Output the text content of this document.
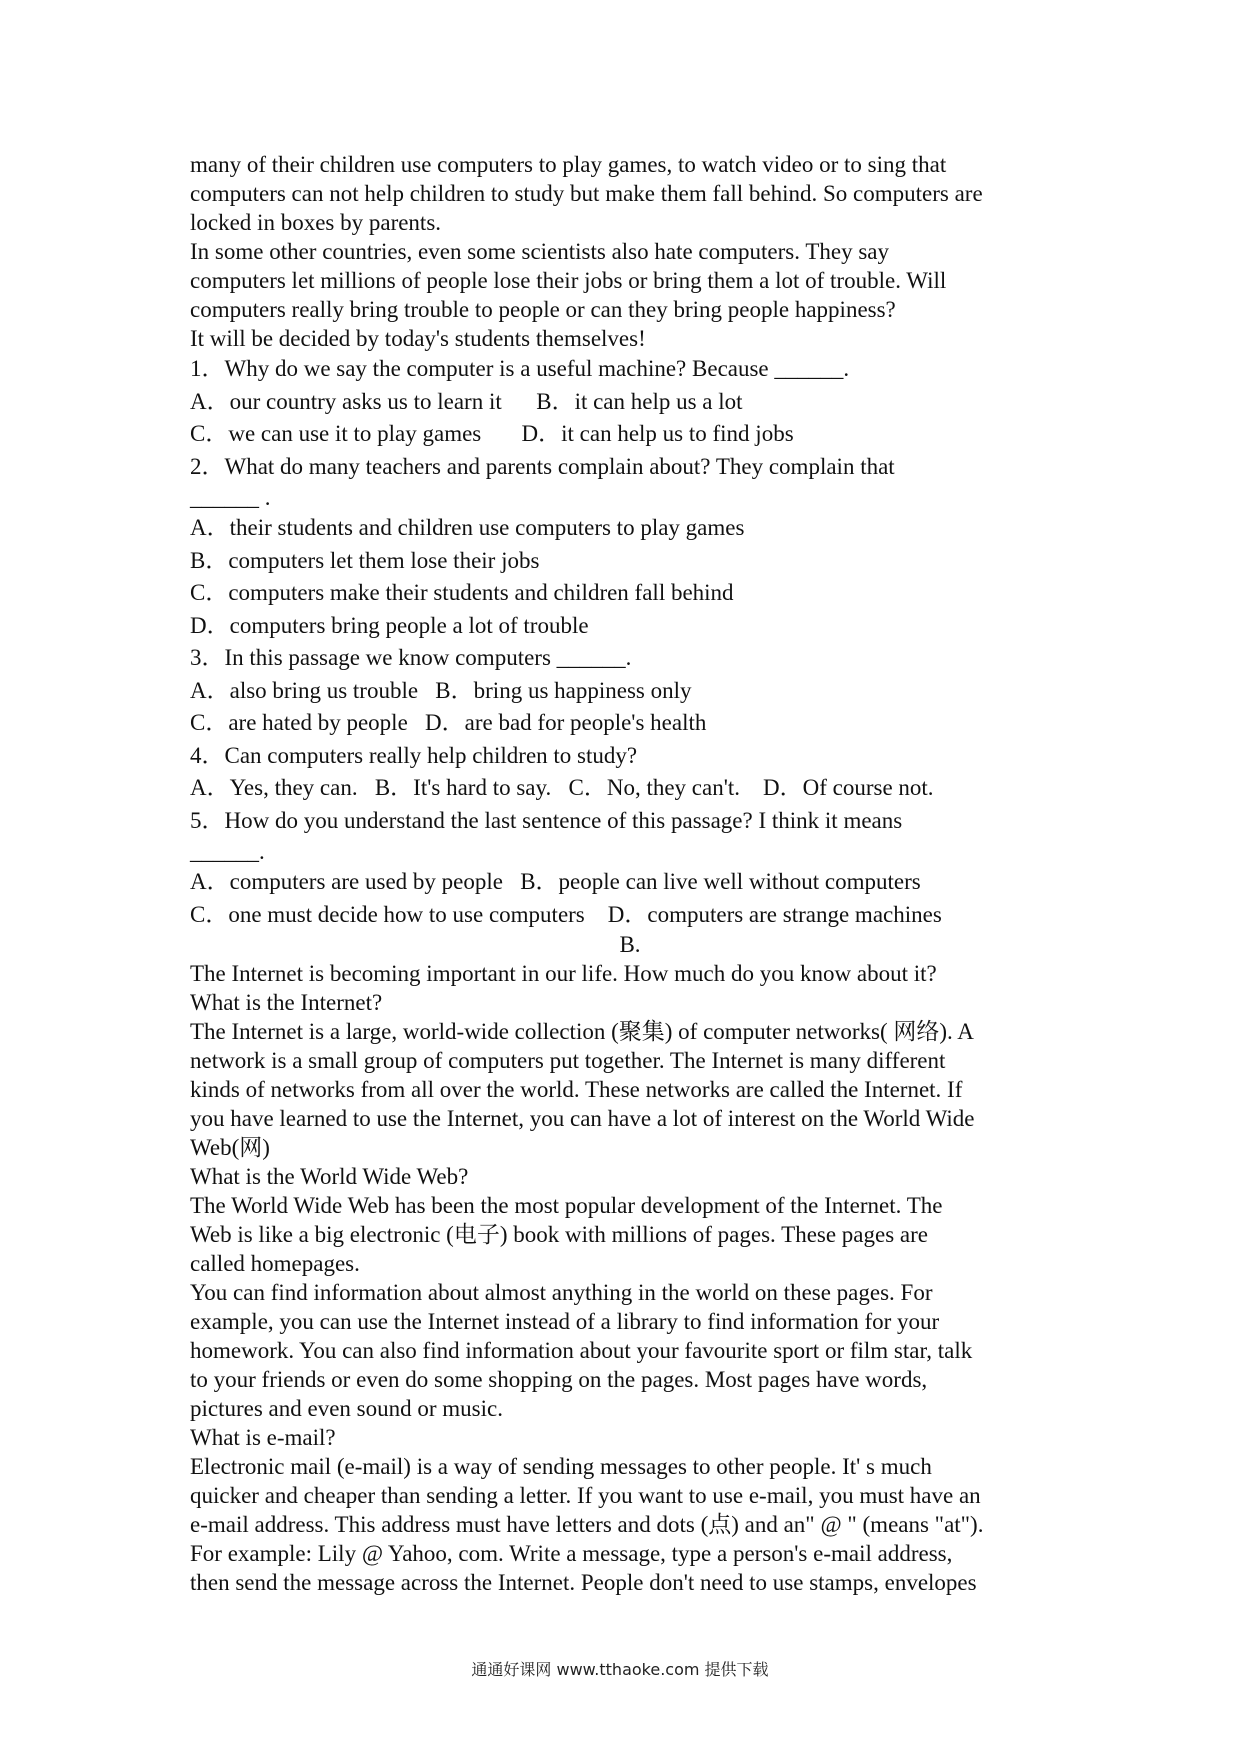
many of their children use computers to play games, to watch video or to sing that

computers can not help children to study but make them fall behind. So computers are

locked in boxes by parents.

In some other countries, even some scientists also hate computers. They say

computers let millions of people lose their jobs or bring them a lot of trouble. Will

computers really bring trouble to people or can they bring people happiness?

It will be decided by today's students themselves!

1．Why do we say the computer is a useful machine? Because ______.

A．our country asks us to learn it      B．it can help us a lot

C．we can use it to play games       D．it can help us to find jobs

2．What do many teachers and parents complain about? They complain that

______ .

A．their students and children use computers to play games

B．computers let them lose their jobs

C．computers make their students and children fall behind

D．computers bring people a lot of trouble

3．In this passage we know computers ______.

A．also bring us trouble   B．bring us happiness only

C．are hated by people   D．are bad for people's health

4．Can computers really help children to study?

A．Yes, they can.   B．It's hard to say.   C．No, they can't.    D．Of course not.

5．How do you understand the last sentence of this passage? I think it means

______.

A．computers are used by people   B．people can live well without computers

C．one must decide how to use computers    D．computers are strange machines

B.

The Internet is becoming important in our life. How much do you know about it?

What is the Internet?

The Internet is a large, world-wide collection (聚集) of computer networks( 网络). A

network is a small group of computers put together. The Internet is many different

kinds of networks from all over the world. These networks are called the Internet. If

you have learned to use the Internet, you can have a lot of interest on the World Wide

Web(网)

What is the World Wide Web?

The World Wide Web has been the most popular development of the Internet. The

Web is like a big electronic (电子) book with millions of pages. These pages are

called homepages.

You can find information about almost anything in the world on these pages. For

example, you can use the Internet instead of a library to find information for your

homework. You can also find information about your favourite sport or film star, talk

to your friends or even do some shopping on the pages. Most pages have words,

pictures and even sound or music.

What is e-mail?

Electronic mail (e-mail) is a way of sending messages to other people. It' s much

quicker and cheaper than sending a letter. If you want to use e-mail, you must have an

e-mail address. This address must have letters and dots (点) and an" @ " (means "at").

For example: Lily @ Yahoo, com. Write a message, type a person's e-mail address,

then send the message across the Internet. People don't need to use stamps, envelopes

通通好课网 www.tthaoke.com 提供下载
